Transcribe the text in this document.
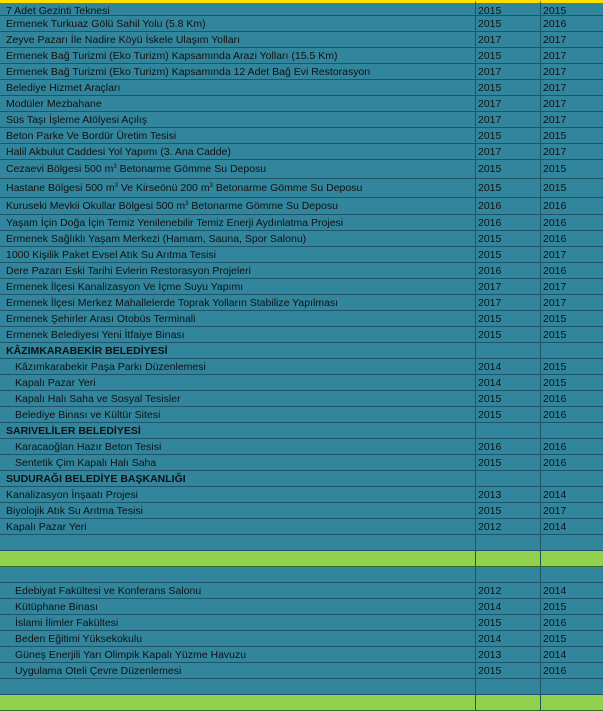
7 Adet Gezinti Teknesi	2015	2015
Ermenek Turkuaz Gölü Sahil Yolu (5.8 Km)	2015	2016
Zeyve Pazarı İle Nadire Köyü İskele Ulaşım Yolları	2017	2017
Ermenek Bağ Turizmi (Eko Turizm) Kapsamında Arazi Yolları (15.5 Km)	2015	2017
Ermenek Bağ Turizmi (Eko Turizm) Kapsamında 12 Adet Bağ Evi Restorasyon	2017	2017
Belediye Hizmet Araçları	2015	2017
Modüler Mezbahane	2017	2017
Süs Taşı İşleme Atölyesi Açılış	2017	2017
Beton Parke Ve Bordür Üretim Tesisi	2015	2015
Halil Akbulut Caddesi Yol Yapımı (3. Ana Cadde)	2017	2017
Cezaevi Bölgesi 500 $m^3$ Betonarme Gömme Su Deposu	2015	2015
Hastane Bölgesi 500 $m^3$ Ve Kirseönü 200 $m^3$ Betonarme Gömme Su Deposu	2015	2015
Kuruseki Mevkii Okullar Bölgesi 500 $m^3$ Betonarme Gömme Su Deposu	2016	2016
Yaşam İçin Doğa İçin Temiz Yenilenebilir Temiz Enerji Aydınlatma Projesi	2016	2016
Ermenek Sağlıklı Yaşam Merkezi (Hamam, Sauna, Spor Salonu)	2015	2016
1000 Kişilik Paket Evsel Atık Su Arıtma Tesisi	2015	2017
Dere Pazarı Eski Tarihi Evlerin Restorasyon Projeleri	2016	2016
Ermenek İlçesi Kanalizasyon Ve İçme Suyu Yapımı	2017	2017
Ermenek İlçesi Merkez Mahallelerde Toprak Yolların Stabilize Yapılması	2017	2017
Ermenek Şehirler Arası Otobüs Terminali	2015	2015
Ermenek Belediyesi Yeni İtfaiye Binası	2015	2015
KÂZIMKARABEKİR BELEDİYESİ
Kâzımkarabekir Paşa Parkı Düzenlemesi	2014	2015
Kapalı Pazar Yeri	2014	2015
Kapalı Halı Saha ve Sosyal Tesisler	2015	2016
Belediye Binası ve Kültür Sitesi	2015	2016
SARIVELİLER BELEDİYESİ
Karacaoğlan Hazır Beton Tesisi	2016	2016
Sentetik Çim Kapalı Halı Saha	2015	2016
SUDURAĞI BELEDİYE BAŞKANLIĞI
Kanalizasyon İnşaatı Projesi	2013	2014
Biyolojik Atık Su Arıtma Tesisi	2015	2017
Kapalı Pazar Yeri	2012	2014
Edebiyat Fakültesi ve Konferans Salonu	2012	2014
Kütüphane Binası	2014	2015
İslami İlimler Fakültesi	2015	2016
Beden Eğitimi Yüksekokulu	2014	2015
Güneş Enerjili Yarı Olimpik Kapalı Yüzme Havuzu	2013	2014
Uygulama Oteli Çevre Düzenlemesi	2015	2016
